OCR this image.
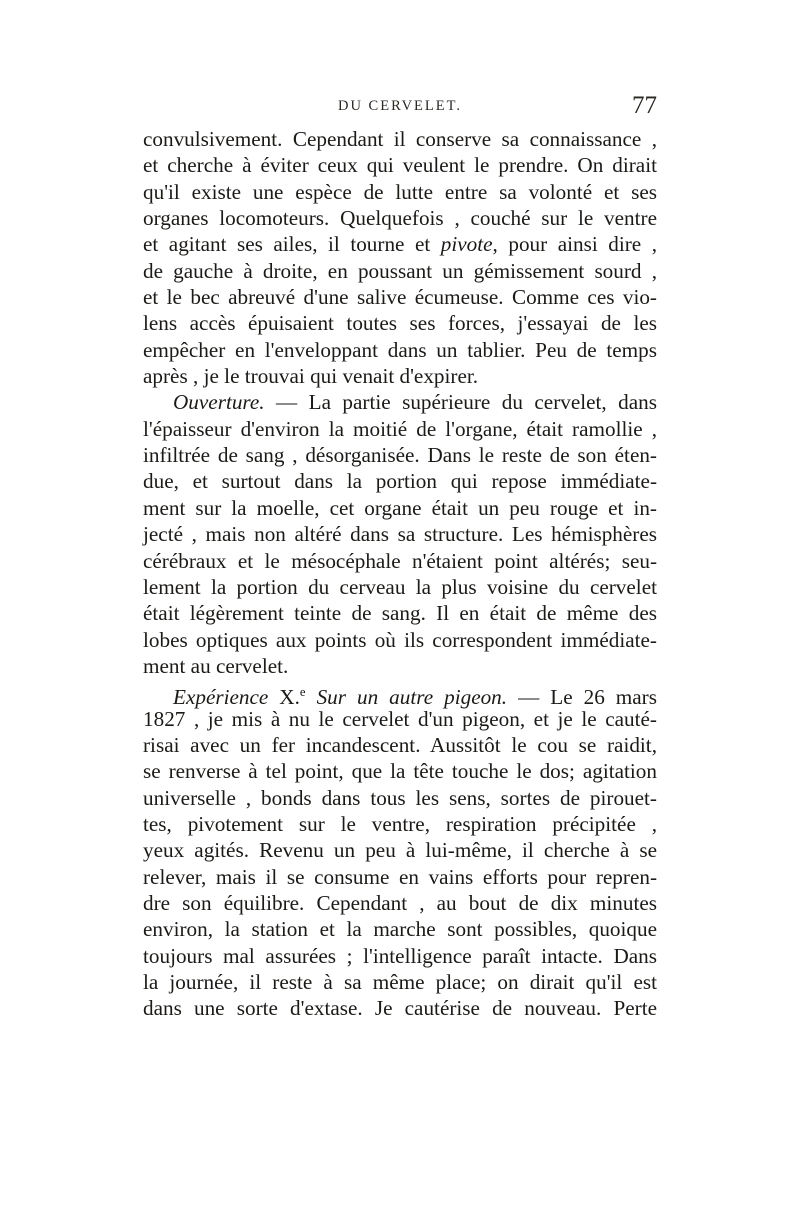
DU CERVELET.	77
convulsivement. Cependant il conserve sa connaissance ,
et cherche à éviter ceux qui veulent le prendre. On dirait
qu'il existe une espèce de lutte entre sa volonté et ses
organes locomoteurs. Quelquefois , couché sur le ventre
et agitant ses ailes, il tourne et pivote, pour ainsi dire ,
de gauche à droite, en poussant un gémissement sourd ,
et le bec abreuvé d'une salive écumeuse. Comme ces vio-
lens accès épuisaient toutes ses forces, j'essayai de les
empêcher en l'enveloppant dans un tablier. Peu de temps
après , je le trouvai qui venait d'expirer.
Ouverture. — La partie supérieure du cervelet, dans
l'épaisseur d'environ la moitié de l'organe, était ramollie ,
infiltrée de sang , désorganisée. Dans le reste de son éten-
due, et surtout dans la portion qui repose immédiate-
ment sur la moelle, cet organe était un peu rouge et in-
jecté , mais non altéré dans sa structure. Les hémisphères
cérébraux et le mésocéphale n'étaient point altérés; seu-
lement la portion du cerveau la plus voisine du cervelet
était légèrement teinte de sang. Il en était de même des
lobes optiques aux points où ils correspondent immédiate-
ment au cervelet.
Expérience X.$^e$ Sur un autre pigeon. — Le 26 mars
1827 , je mis à nu le cervelet d'un pigeon, et je le cauté-
risai avec un fer incandescent. Aussitôt le cou se raidit,
se renverse à tel point, que la tête touche le dos; agitation
universelle , bonds dans tous les sens, sortes de pirouet-
tes, pivotement sur le ventre, respiration précipitée ,
yeux agités. Revenu un peu à lui-même, il cherche à se
relever, mais il se consume en vains efforts pour repren-
dre son équilibre. Cependant , au bout de dix minutes
environ, la station et la marche sont possibles, quoique
toujours mal assurées ; l'intelligence paraît intacte. Dans
la journée, il reste à sa même place; on dirait qu'il est
dans une sorte d'extase. Je cautérise de nouveau. Perte
